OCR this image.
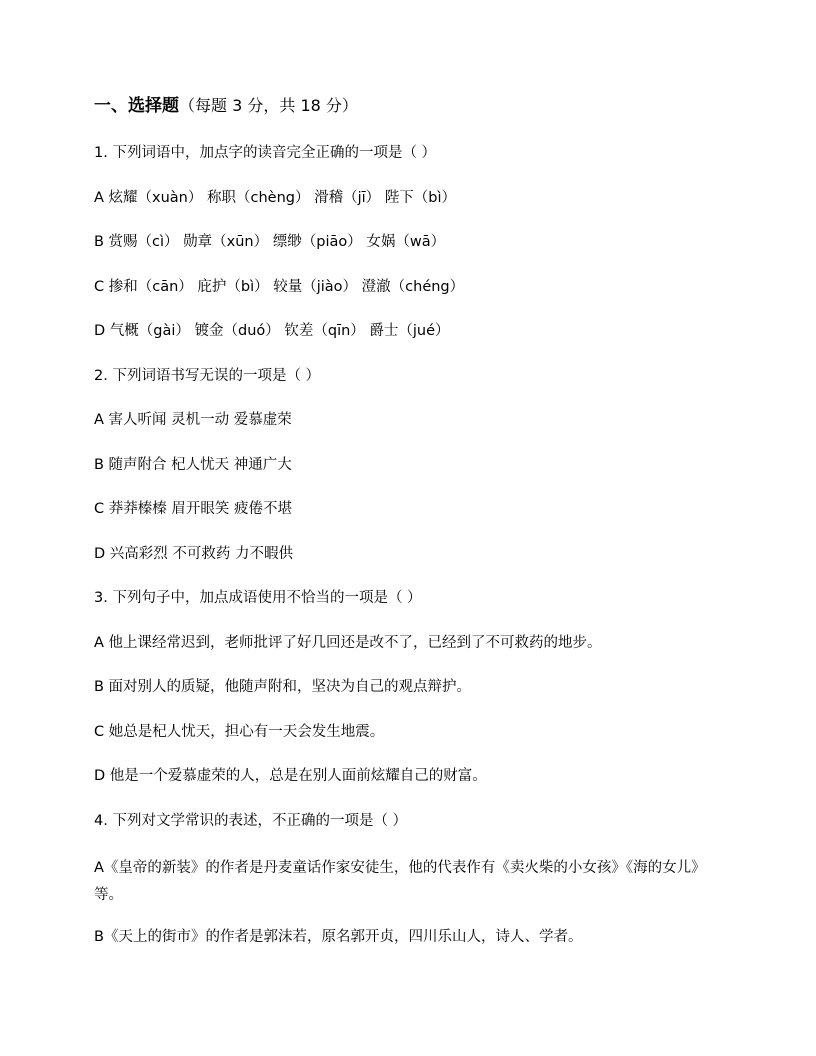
一、选择题（每题 3 分，共 18 分）
1. 下列词语中，加点字的读音完全正确的一项是（ ）
A 炫耀（xuàn） 称职（chèng） 滑稽（jī） 陛下（bì）
B 赏赐（cì） 勋章（xūn） 缥缈（piāo） 女娲（wā）
C 掺和（cān） 庇护（bì） 较量（jiào） 澄澈（chéng）
D 气概（gài） 镀金（duó） 钦差（qīn） 爵士（jué）
2. 下列词语书写无误的一项是（ ）
A 害人听闻 灵机一动 爱慕虚荣
B 随声附合 杞人忧天 神通广大
C 莽莽榛榛 眉开眼笑 疲倦不堪
D 兴高彩烈 不可救药 力不暇供
3. 下列句子中，加点成语使用不恰当的一项是（ ）
A 他上课经常迟到，老师批评了好几回还是改不了，已经到了不可救药的地步。
B 面对别人的质疑，他随声附和，坚决为自己的观点辩护。
C 她总是杞人忧天，担心有一天会发生地震。
D 他是一个爱慕虚荣的人，总是在别人面前炫耀自己的财富。
4. 下列对文学常识的表述，不正确的一项是（ ）
A《皇帝的新装》的作者是丹麦童话作家安徒生，他的代表作有《卖火柴的小女孩》《海的女儿》等。
B《天上的街市》的作者是郭沫若，原名郭开贞，四川乐山人，诗人、学者。
